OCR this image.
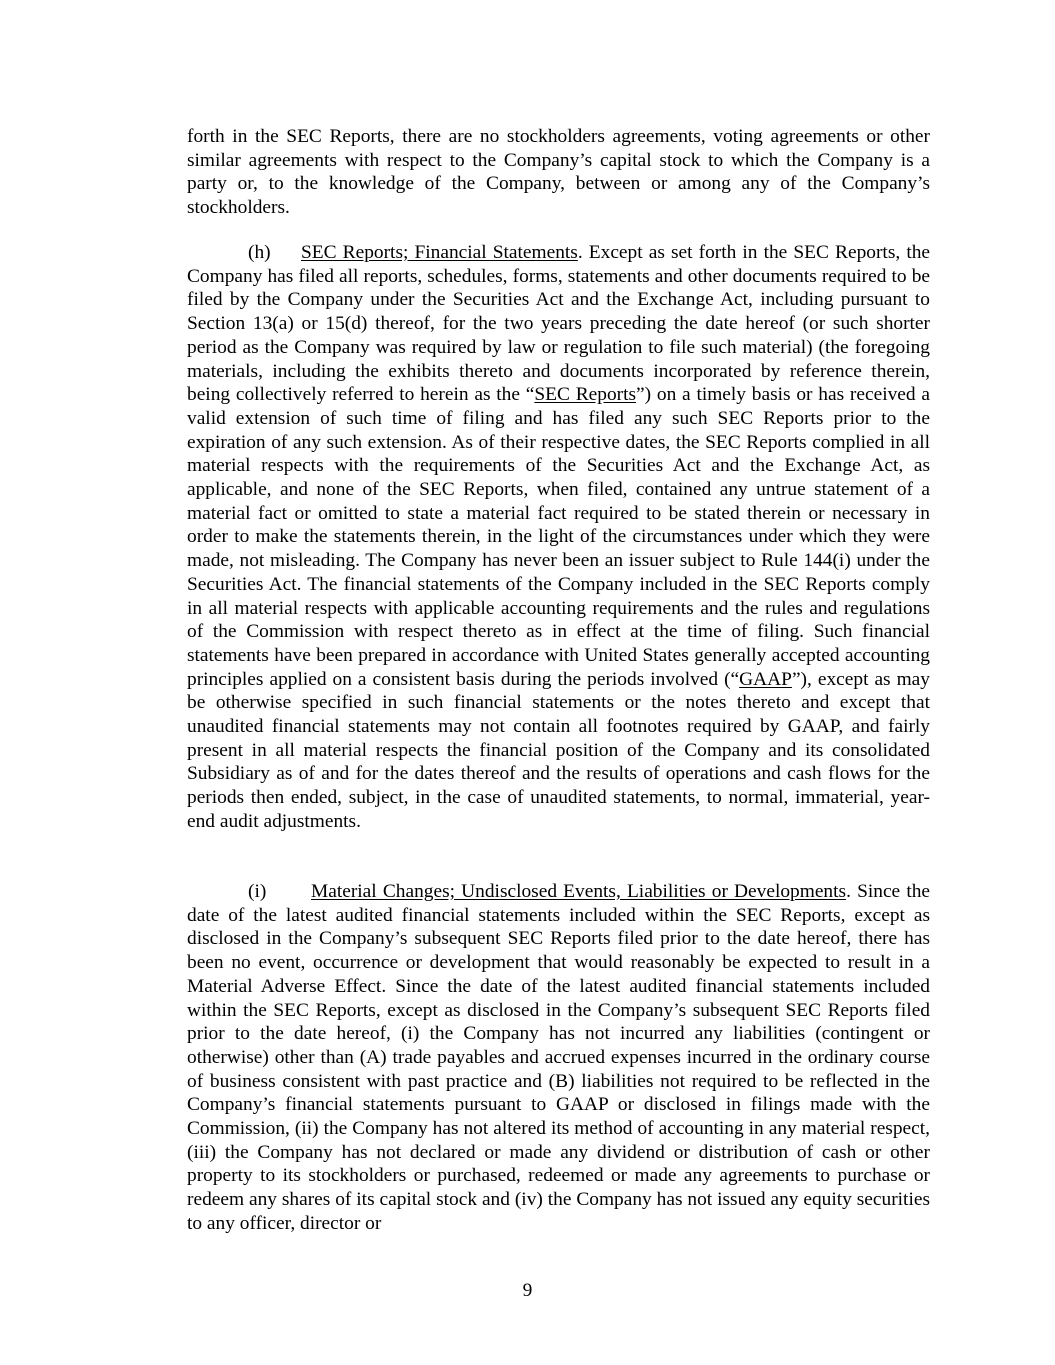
forth in the SEC Reports, there are no stockholders agreements, voting agreements or other similar agreements with respect to the Company’s capital stock to which the Company is a party or, to the knowledge of the Company, between or among any of the Company’s stockholders.

(h) SEC Reports; Financial Statements. Except as set forth in the SEC Reports, the Company has filed all reports, schedules, forms, statements and other documents required to be filed by the Company under the Securities Act and the Exchange Act, including pursuant to Section 13(a) or 15(d) thereof, for the two years preceding the date hereof (or such shorter period as the Company was required by law or regulation to file such material) (the foregoing materials, including the exhibits thereto and documents incorporated by reference therein, being collectively referred to herein as the “SEC Reports”) on a timely basis or has received a valid extension of such time of filing and has filed any such SEC Reports prior to the expiration of any such extension. As of their respective dates, the SEC Reports complied in all material respects with the requirements of the Securities Act and the Exchange Act, as applicable, and none of the SEC Reports, when filed, contained any untrue statement of a material fact or omitted to state a material fact required to be stated therein or necessary in order to make the statements therein, in the light of the circumstances under which they were made, not misleading. The Company has never been an issuer subject to Rule 144(i) under the Securities Act. The financial statements of the Company included in the SEC Reports comply in all material respects with applicable accounting requirements and the rules and regulations of the Commission with respect thereto as in effect at the time of filing. Such financial statements have been prepared in accordance with United States generally accepted accounting principles applied on a consistent basis during the periods involved (“GAAP”), except as may be otherwise specified in such financial statements or the notes thereto and except that unaudited financial statements may not contain all footnotes required by GAAP, and fairly present in all material respects the financial position of the Company and its consolidated Subsidiary as of and for the dates thereof and the results of operations and cash flows for the periods then ended, subject, in the case of unaudited statements, to normal, immaterial, year-end audit adjustments.

(i) Material Changes; Undisclosed Events, Liabilities or Developments. Since the date of the latest audited financial statements included within the SEC Reports, except as disclosed in the Company’s subsequent SEC Reports filed prior to the date hereof, there has been no event, occurrence or development that would reasonably be expected to result in a Material Adverse Effect. Since the date of the latest audited financial statements included within the SEC Reports, except as disclosed in the Company’s subsequent SEC Reports filed prior to the date hereof, (i) the Company has not incurred any liabilities (contingent or otherwise) other than (A) trade payables and accrued expenses incurred in the ordinary course of business consistent with past practice and (B) liabilities not required to be reflected in the Company’s financial statements pursuant to GAAP or disclosed in filings made with the Commission, (ii) the Company has not altered its method of accounting in any material respect, (iii) the Company has not declared or made any dividend or distribution of cash or other property to its stockholders or purchased, redeemed or made any agreements to purchase or redeem any shares of its capital stock and (iv) the Company has not issued any equity securities to any officer, director or

9
